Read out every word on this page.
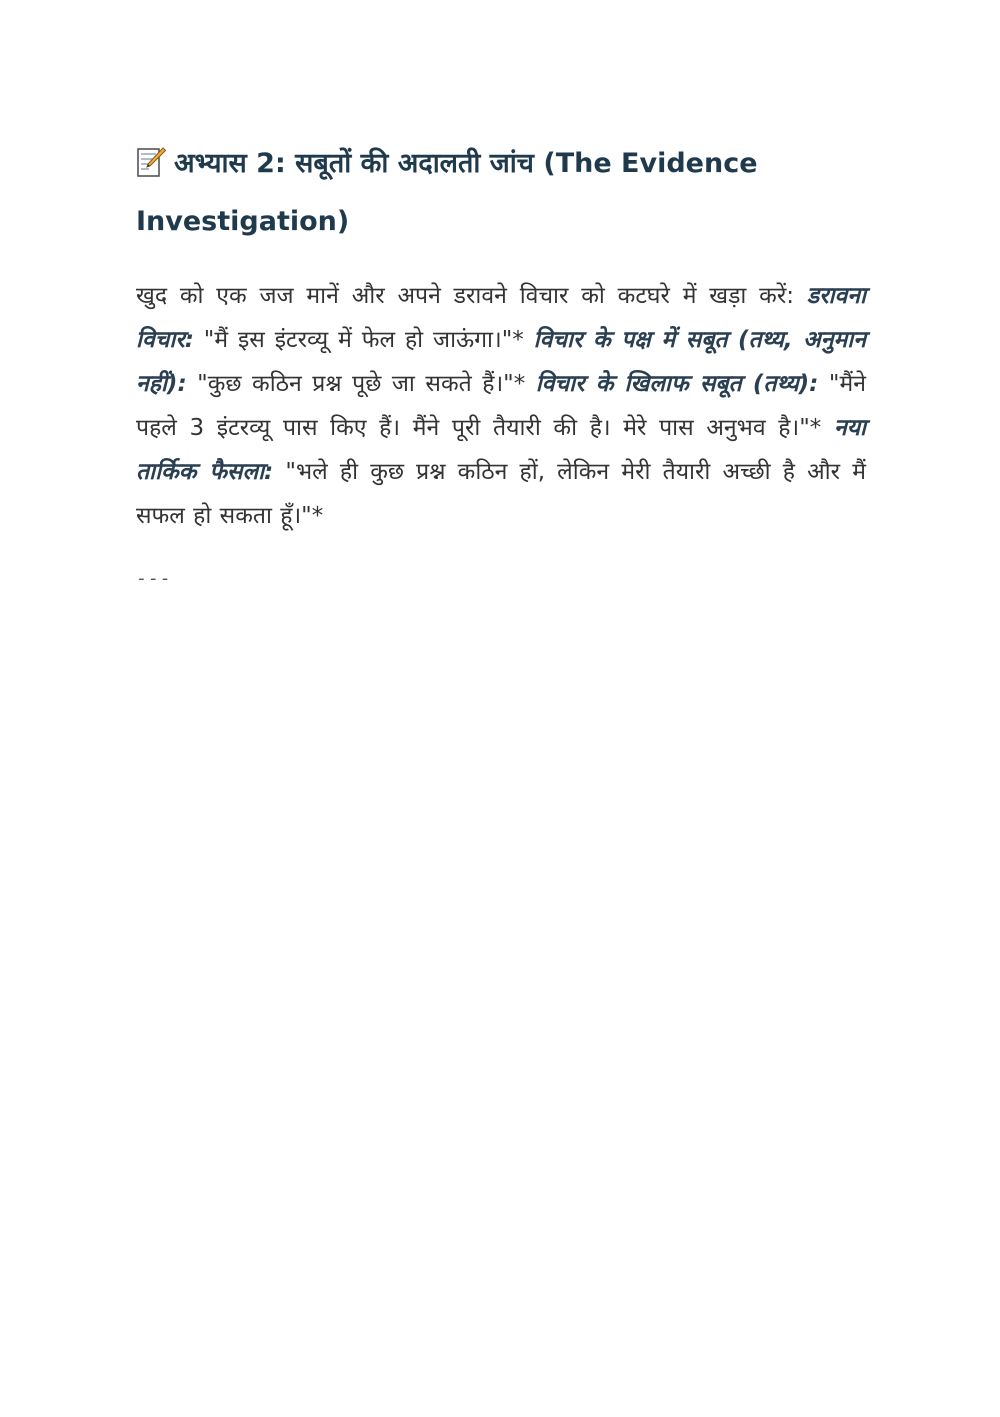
अभ्यास 2: सबूतों की अदालती जांच (The Evidence Investigation)

खुद को एक जज मानें और अपने डरावने विचार को कटघरे में खड़ा करें: डरावना विचार: "मैं इस इंटरव्यू में फेल हो जाऊंगा।"* विचार के पक्ष में सबूत (तथ्य, अनुमान नहीं): "कुछ कठिन प्रश्न पूछे जा सकते हैं।"* विचार के खिलाफ सबूत (तथ्य): "मैंने पहले 3 इंटरव्यू पास किए हैं। मैंने पूरी तैयारी की है। मेरे पास अनुभव है।"* नया तार्किक फैसला: "भले ही कुछ प्रश्न कठिन हों, लेकिन मेरी तैयारी अच्छी है और मैं सफल हो सकता हूँ।"*

---
